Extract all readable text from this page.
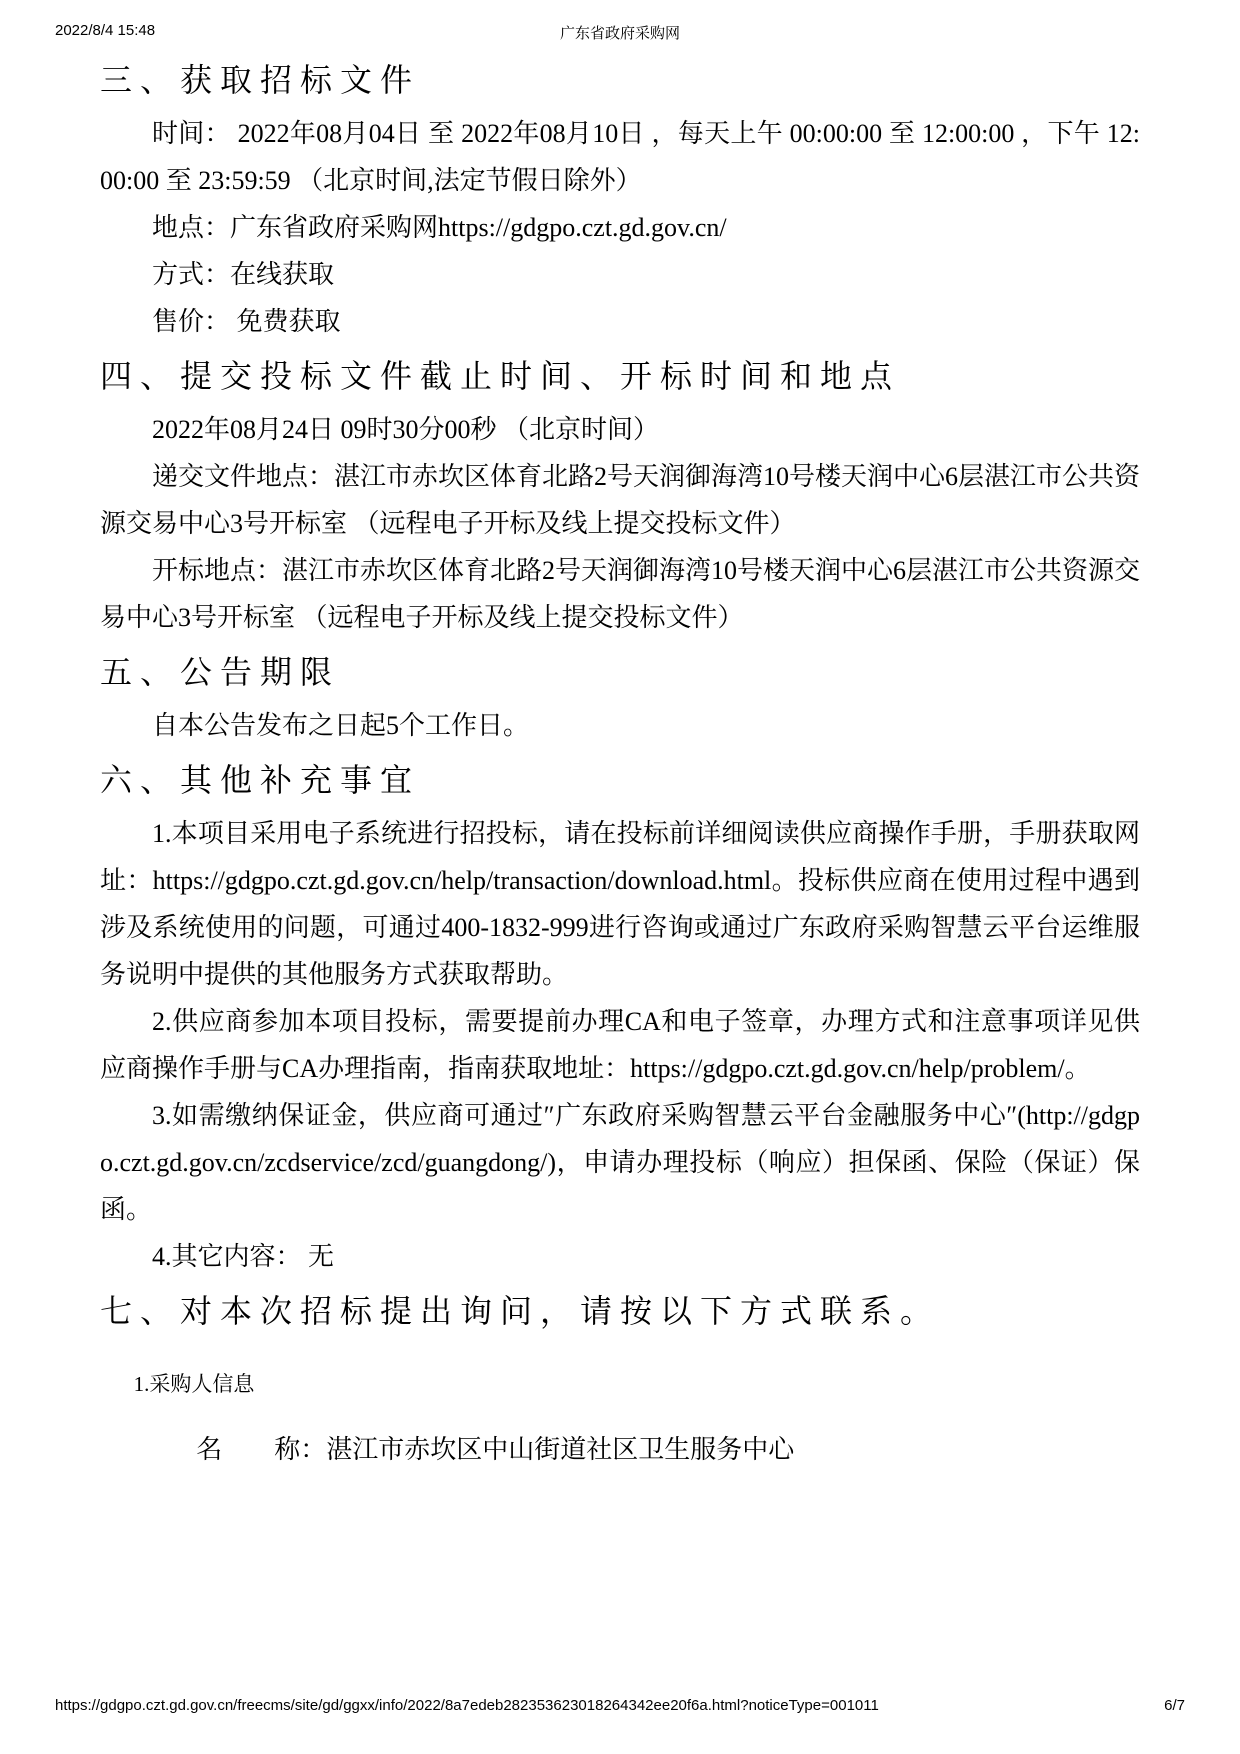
2022/8/4 15:48	广东省政府采购网
三、获取招标文件

时间： 2022年08月04日 至 2022年08月10日 ，每天上午 00:00:00 至 12:00:00 ，下午 12:00:00 至 23:59:59 （北京时间,法定节假日除外）

地点：广东省政府采购网https://gdgpo.czt.gd.gov.cn/

方式：在线获取

售价： 免费获取

四、提交投标文件截止时间、开标时间和地点

2022年08月24日 09时30分00秒 （北京时间）

递交文件地点：湛江市赤坎区体育北路2号天润御海湾10号楼天润中心6层湛江市公共资源交易中心3号开标室 （远程电子开标及线上提交投标文件）

开标地点：湛江市赤坎区体育北路2号天润御海湾10号楼天润中心6层湛江市公共资源交易中心3号开标室 （远程电子开标及线上提交投标文件）

五、公告期限

自本公告发布之日起5个工作日。

六、其他补充事宜

1.本项目采用电子系统进行招投标，请在投标前详细阅读供应商操作手册，手册获取网址：https://gdgpo.czt.gd.gov.cn/help/transaction/download.html。投标供应商在使用过程中遇到涉及系统使用的问题，可通过400-1832-999进行咨询或通过广东政府采购智慧云平台运维服务说明中提供的其他服务方式获取帮助。

2.供应商参加本项目投标，需要提前办理CA和电子签章，办理方式和注意事项详见供应商操作手册与CA办理指南，指南获取地址：https://gdgpo.czt.gd.gov.cn/help/problem/。

3.如需缴纳保证金，供应商可通过″广东政府采购智慧云平台金融服务中心″(http://gdgpo.czt.gd.gov.cn/zcdservice/zcd/guangdong/)，申请办理投标（响应）担保函、保险（保证）保函。

4.其它内容： 无

七、对本次招标提出询问，请按以下方式联系。

1.采购人信息

名　　称：湛江市赤坎区中山街道社区卫生服务中心

https://gdgpo.czt.gd.gov.cn/freecms/site/gd/ggxx/info/2022/8a7edeb282353623018264342ee20f6a.html?noticeType=001011	6/7
